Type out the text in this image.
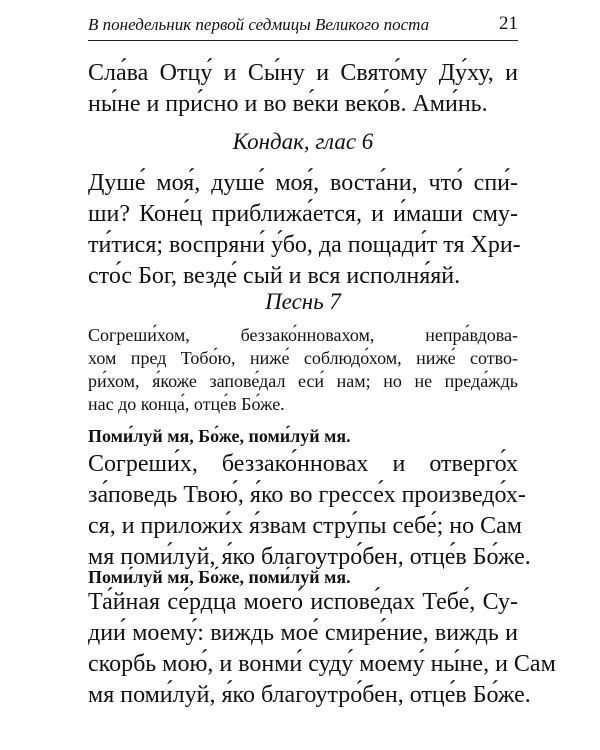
В понедельник первой седмицы Великого поста	21
Сла́ва Отцу́ и Сы́ну и Свято́му Ду́ху, и
ны́не и при́сно и во ве́ки веко́в. Ами́нь.
Кондак, глас 6
Душе́ моя́, душе́ моя́, воста́ни, что́ спи́-
ши? Коне́ц приближа́ется, и и́маши сму-
ти́тися; воспряни́ у́бо, да пощади́т тя Хри-
сто́с Бог, везде́ сый и вся исполня́яй.
Песнь 7
Согреши́хом, беззако́нновахом, непра́вдова-
хом пред Тобо́ю, ниже́ соблюдо́хом, ниже́ сотво-
ри́хом, я́коже запове́дал еси́ нам; но не преда́ждь
нас до конца́, отце́в Бо́же.
Поми́луй мя, Бо́же, поми́луй мя.
Согреши́х, беззако́нновах и отверго́х
за́поведь Твою́, я́ко во грессе́х произведо́х-
ся, и приложи́х я́звам стру́пы себе́; но Сам
мя поми́луй, я́ко благоутро́бен, отце́в Бо́же.
Поми́луй мя, Бо́же, поми́луй мя.
Та́йная се́рдца моего́ испове́дах Тебе́, Су-
дии́ моему́: виждь мое́ смире́ние, виждь и
скорбь мою́, и вонми́ суду́ моему́ ны́не, и Сам
мя поми́луй, я́ко благоутро́бен, отце́в Бо́же.
